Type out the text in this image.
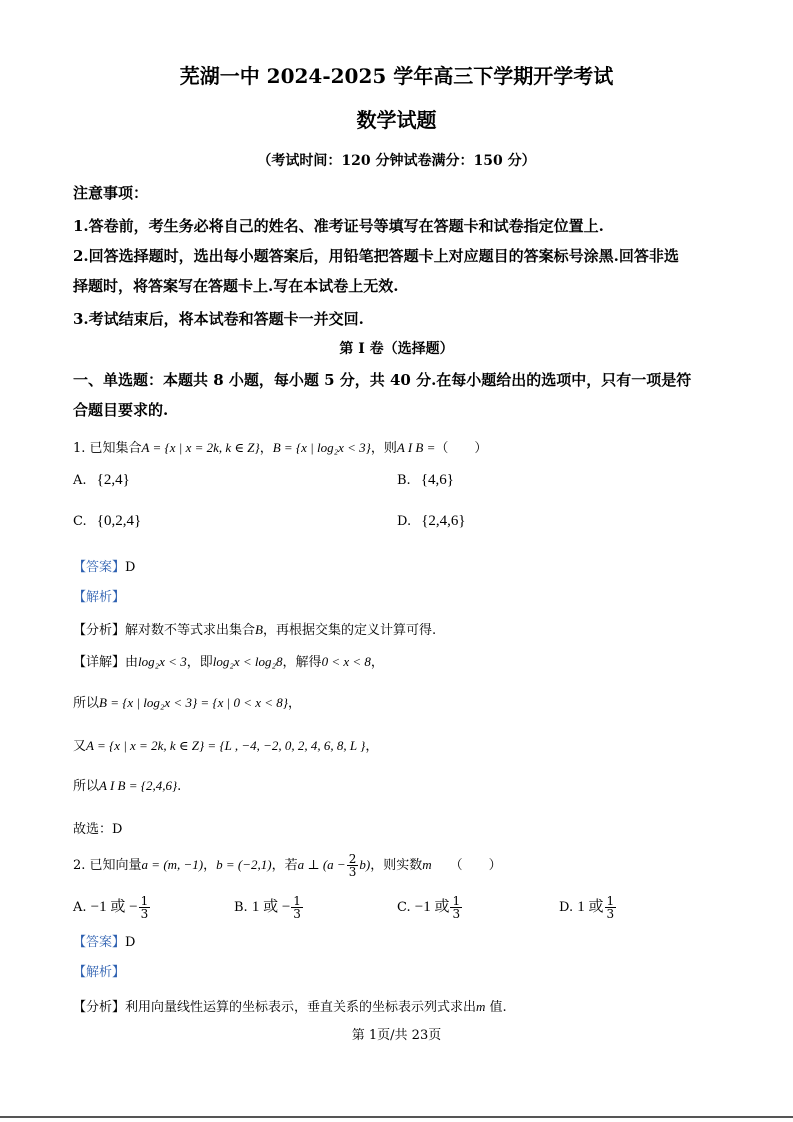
芜湖一中 2024-2025 学年高三下学期开学考试
数学试题
（考试时间：120 分钟试卷满分：150 分）
注意事项：
1.答卷前，考生务必将自己的姓名、准考证号等填写在答题卡和试卷指定位置上.
2.回答选择题时，选出每小题答案后，用铅笔把答题卡上对应题目的答案标号涂黑.回答非选
择题时，将答案写在答题卡上.写在本试卷上无效.
3.考试结束后，将本试卷和答题卡一并交回.
第 I 卷（选择题）
一、单选题：本题共 8 小题，每小题 5 分，共 40 分.在每小题给出的选项中，只有一项是符
合题目要求的.
1. 已知集合A = {x | x = 2k, k ∈ Z}，B = {x | log₂x < 3}，则A I B =（　　）
A. {2,4}	B. {4,6}
C. {0,2,4}	D. {2,4,6}
【答案】D
【解析】
【分析】解对数不等式求出集合B，再根据交集的定义计算可得.
【详解】由log₂x < 3，即log₂x < log₂8，解得0 < x < 8，
所以B = {x | log₂x < 3} = {x | 0 < x < 8}，
又A = {x | x = 2k, k ∈ Z} = {L , −4, −2, 0, 2, 4, 6, 8, L }，
所以A I B = {2,4,6}.
故选：D
2. 已知向量a = (m, −1)，b = (−2,1)，若a ⊥ $(a - \frac{2}{3} b)$，则实数m （　　）
A. −1 或 − $\frac{1}{3}$	B. 1 或 − $\frac{1}{3}$	C. −1 或 $\frac{1}{3}$	D. 1 或 $\frac{1}{3}$
【答案】D
【解析】
【分析】利用向量线性运算的坐标表示，垂直关系的坐标表示列式求出m 值.
第 1页/共 23页
